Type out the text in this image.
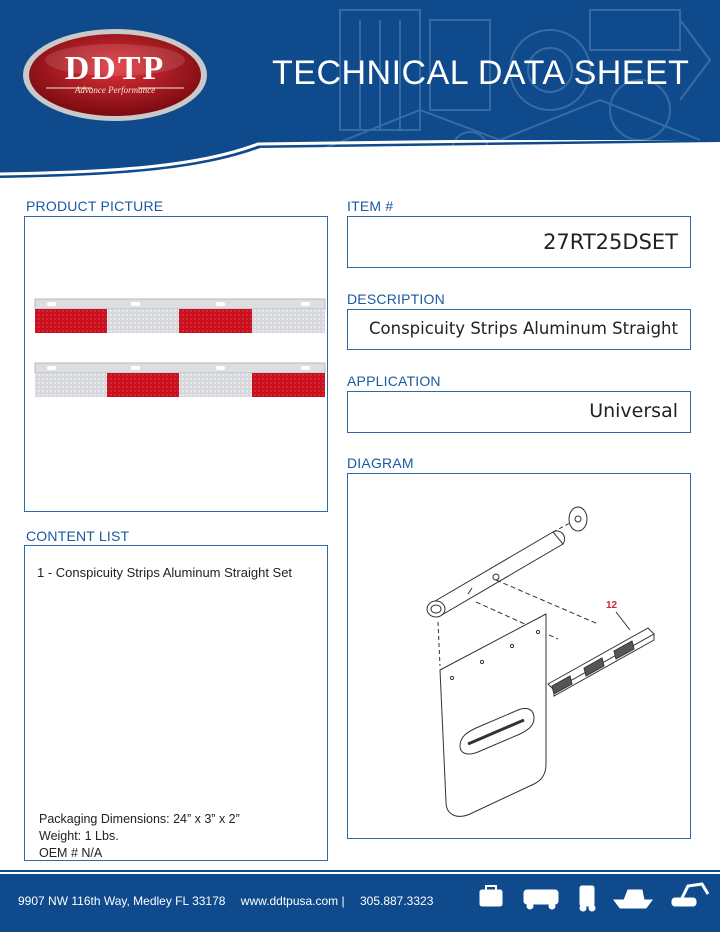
DDTP
Advance Performance	TECHNICAL DATA SHEET
PRODUCT PICTURE	ITEM #
27RT25DSET
DESCRIPTION
Conspicuity Strips Aluminum Straight
APPLICATION
Universal
DIAGRAM
12
CONTENT LIST
1 - Conspicuity Strips Aluminum Straight Set
Packaging Dimensions: 24” x 3” x 2”
Weight: 1 Lbs.
OEM # N/A
9907 NW 116th Way, Medley FL 33178 www.ddtpusa.com | 305.887.3323
